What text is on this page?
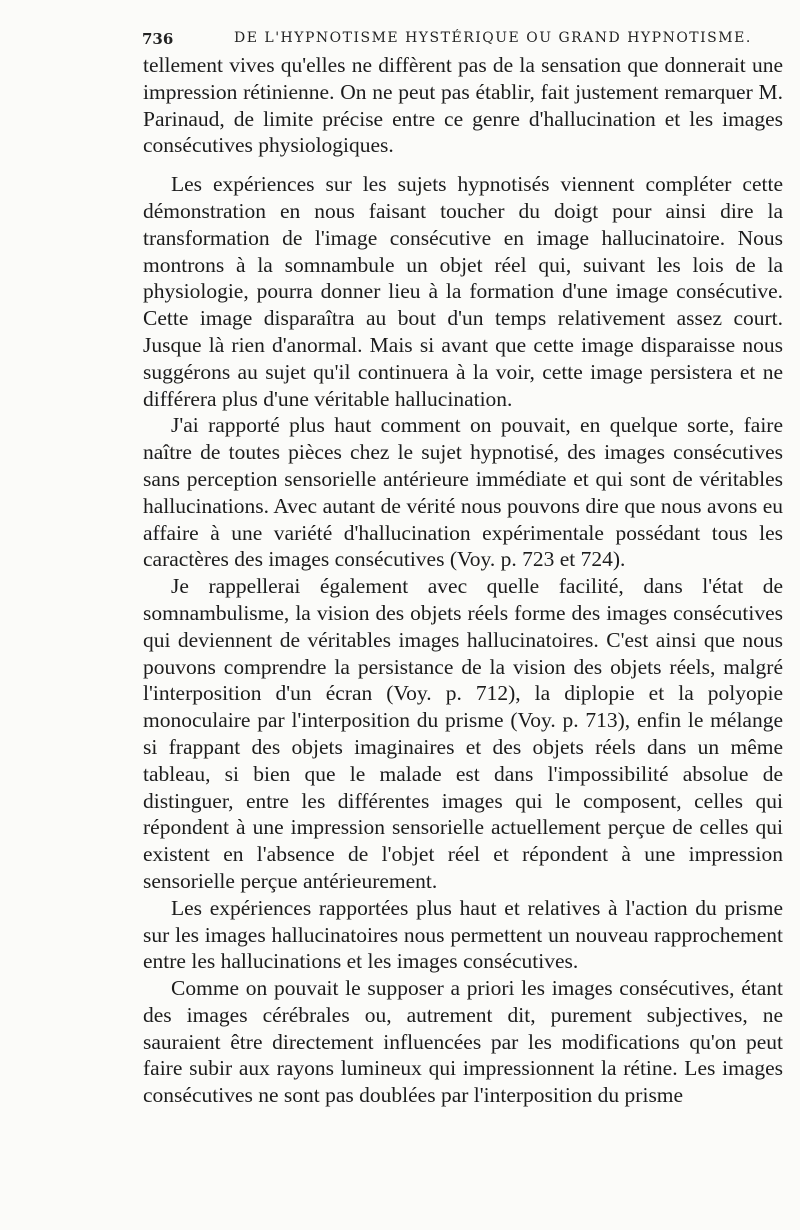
736	DE L'HYPNOTISME HYSTÉRIQUE OU GRAND HYPNOTISME.

tellement vives qu'elles ne diffèrent pas de la sensation que donnerait une impression rétinienne. On ne peut pas établir, fait justement remarquer M. Parinaud, de limite précise entre ce genre d'hallucination et les images consécutives physiologiques.

Les expériences sur les sujets hypnotisés viennent compléter cette démonstration en nous faisant toucher du doigt pour ainsi dire la transformation de l'image consécutive en image hallucinatoire. Nous montrons à la somnambule un objet réel qui, suivant les lois de la physiologie, pourra donner lieu à la formation d'une image consécutive. Cette image disparaîtra au bout d'un temps relativement assez court. Jusque là rien d'anormal. Mais si avant que cette image disparaisse nous suggérons au sujet qu'il continuera à la voir, cette image persistera et ne différera plus d'une véritable hallucination.

J'ai rapporté plus haut comment on pouvait, en quelque sorte, faire naître de toutes pièces chez le sujet hypnotisé, des images consécutives sans perception sensorielle antérieure immédiate et qui sont de véritables hallucinations. Avec autant de vérité nous pouvons dire que nous avons eu affaire à une variété d'hallucination expérimentale possédant tous les caractères des images consécutives (Voy. p. 723 et 724).

Je rappellerai également avec quelle facilité, dans l'état de somnambulisme, la vision des objets réels forme des images consécutives qui deviennent de véritables images hallucinatoires. C'est ainsi que nous pouvons comprendre la persistance de la vision des objets réels, malgré l'interposition d'un écran (Voy. p. 712), la diplopie et la polyopie monoculaire par l'interposition du prisme (Voy. p. 713), enfin le mélange si frappant des objets imaginaires et des objets réels dans un même tableau, si bien que le malade est dans l'impossibilité absolue de distinguer, entre les différentes images qui le composent, celles qui répondent à une impression sensorielle actuellement perçue de celles qui existent en l'absence de l'objet réel et répondent à une impression sensorielle perçue antérieurement.

Les expériences rapportées plus haut et relatives à l'action du prisme sur les images hallucinatoires nous permettent un nouveau rapprochement entre les hallucinations et les images consécutives.

Comme on pouvait le supposer a priori les images consécutives, étant des images cérébrales ou, autrement dit, purement subjectives, ne sauraient être directement influencées par les modifications qu'on peut faire subir aux rayons lumineux qui impressionnent la rétine. Les images consécutives ne sont pas doublées par l'interposition du prisme
